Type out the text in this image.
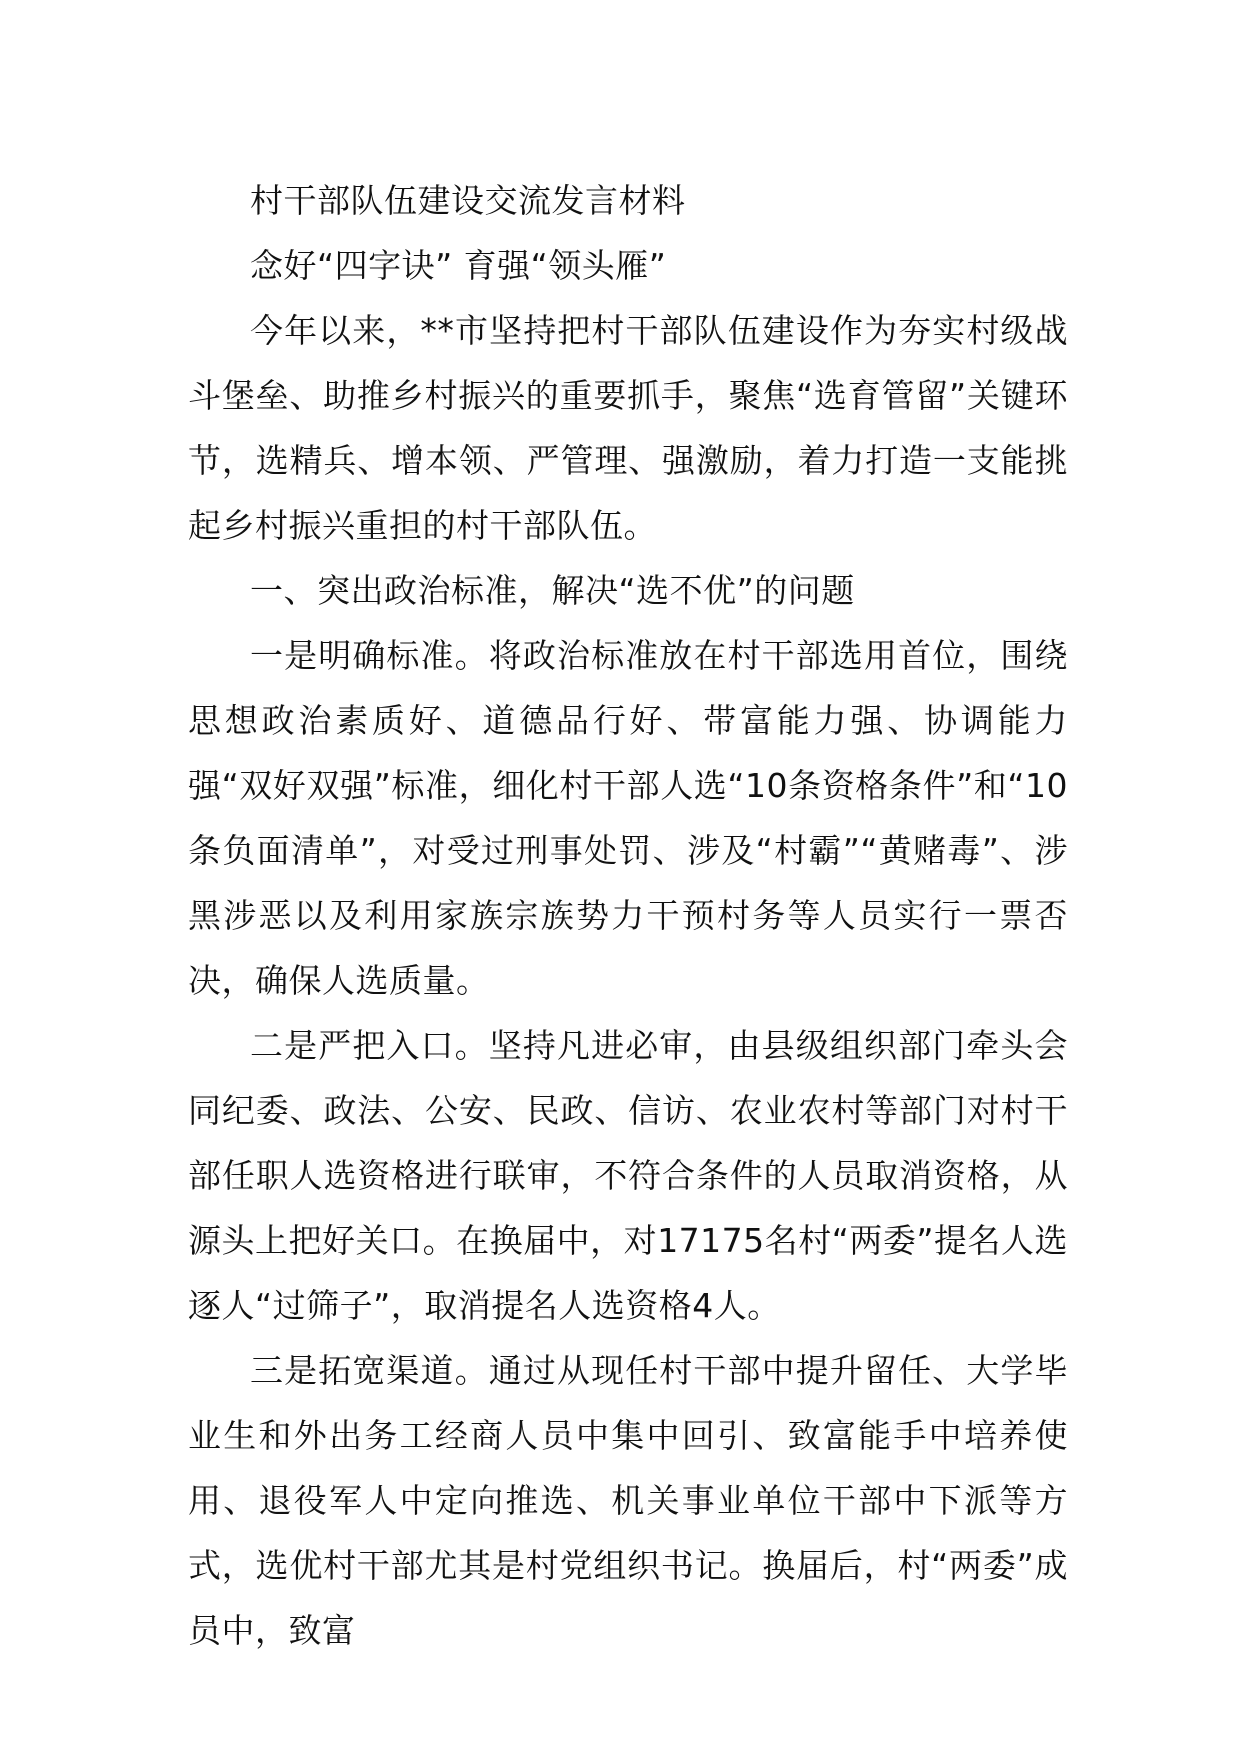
村干部队伍建设交流发言材料

念好“四字诀” 育强“领头雁”

今年以来，**市坚持把村干部队伍建设作为夯实村级战斗堡垒、助推乡村振兴的重要抓手，聚焦“选育管留”关键环节，选精兵、增本领、严管理、强激励，着力打造一支能挑起乡村振兴重担的村干部队伍。

一、突出政治标准，解决“选不优”的问题

一是明确标准。将政治标准放在村干部选用首位，围绕思想政治素质好、道德品行好、带富能力强、协调能力强“双好双强”标准，细化村干部人选“10条资格条件”和“10条负面清单”，对受过刑事处罚、涉及“村霸”“黄赌毒”、涉黑涉恶以及利用家族宗族势力干预村务等人员实行一票否决，确保人选质量。

二是严把入口。坚持凡进必审，由县级组织部门牵头会同纪委、政法、公安、民政、信访、农业农村等部门对村干部任职人选资格进行联审，不符合条件的人员取消资格，从源头上把好关口。在换届中，对17175名村“两委”提名人选逐人“过筛子”，取消提名人选资格4人。

三是拓宽渠道。通过从现任村干部中提升留任、大学毕业生和外出务工经商人员中集中回引、致富能手中培养使用、退役军人中定向推选、机关事业单位干部中下派等方式，选优村干部尤其是村党组织书记。换届后，村“两委”成员中，致富
